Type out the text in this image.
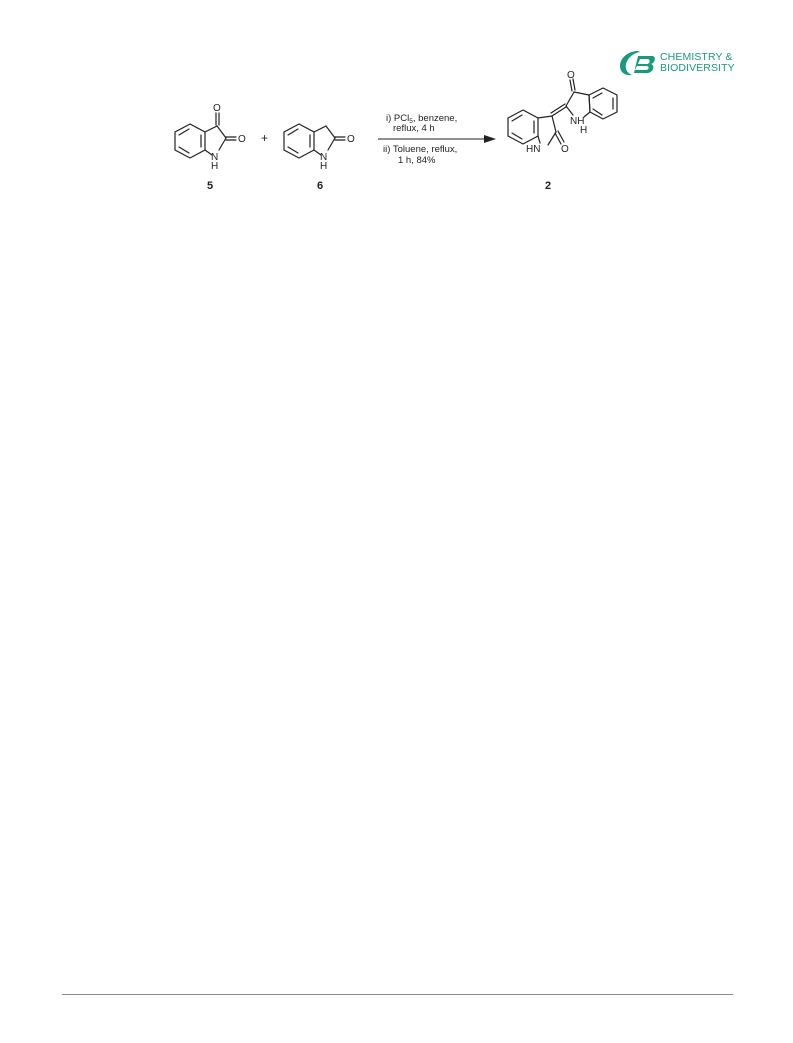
CHEMISTRY &
BIODIVERSITY
O
O
N
H
5
+	O
N
H
6
i) PCl$_5$, benzene,
reflux, 4 h
ii) Toluene, reflux,
1 h, 84%
O
NH
H
HN O
2
